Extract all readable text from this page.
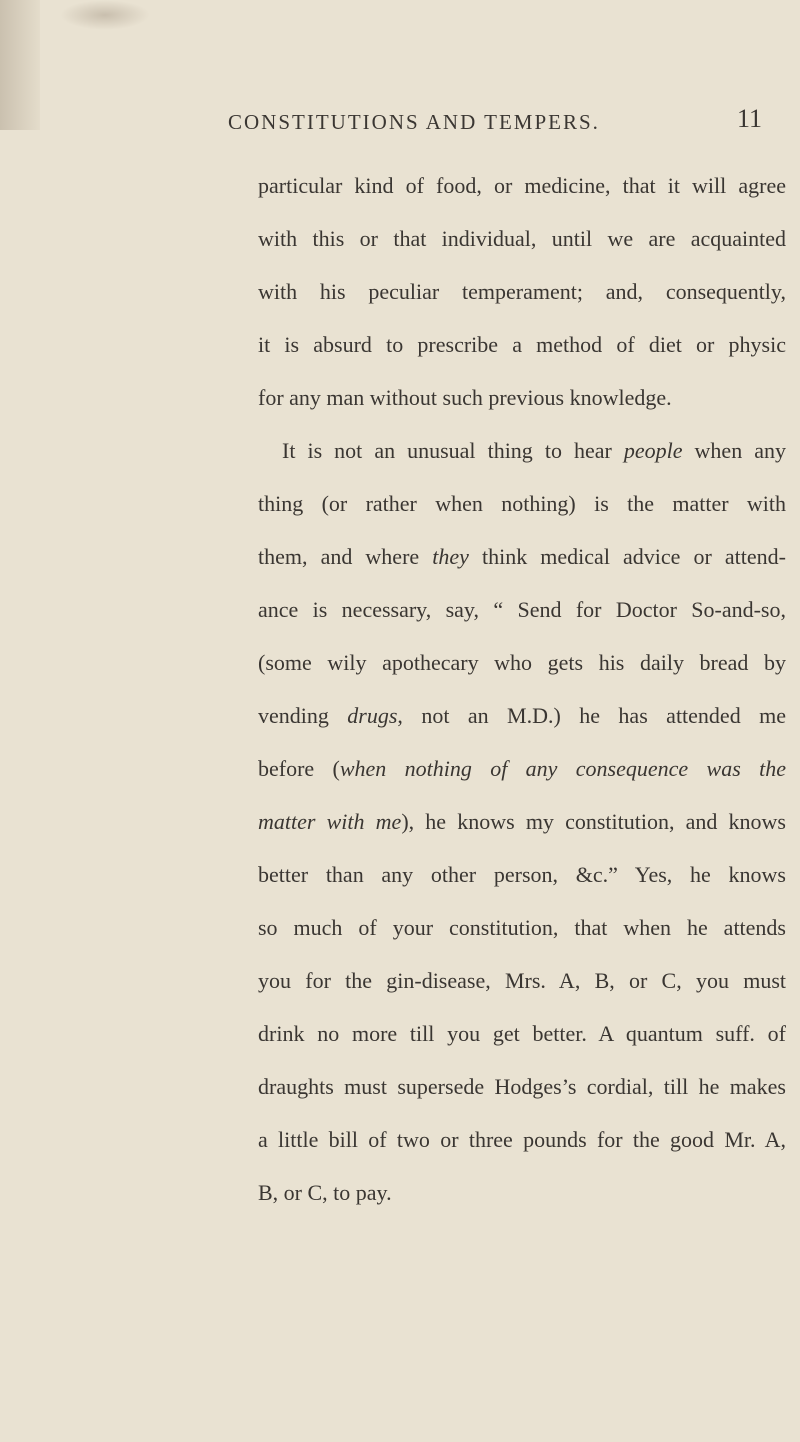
CONSTITUTIONS AND TEMPERS.	11
particular kind of food, or medicine, that it will agree
with this or that individual, until we are acquainted
with his peculiar temperament; and, consequently,
it is absurd to prescribe a method of diet or physic
for any man without such previous knowledge.
It is not an unusual thing to hear people when any
thing (or rather when nothing) is the matter with
them, and where they think medical advice or attend-
ance is necessary, say, “ Send for Doctor So-and-so,
(some wily apothecary who gets his daily bread by
vending drugs, not an M.D.) he has attended me
before (when nothing of any consequence was the
matter with me), he knows my constitution, and knows
better than any other person, &c.” Yes, he knows
so much of your constitution, that when he attends
you for the gin-disease, Mrs. A, B, or C, you must
drink no more till you get better. A quantum suff. of
draughts must supersede Hodges’s cordial, till he makes
a little bill of two or three pounds for the good Mr. A,
B, or C, to pay.
